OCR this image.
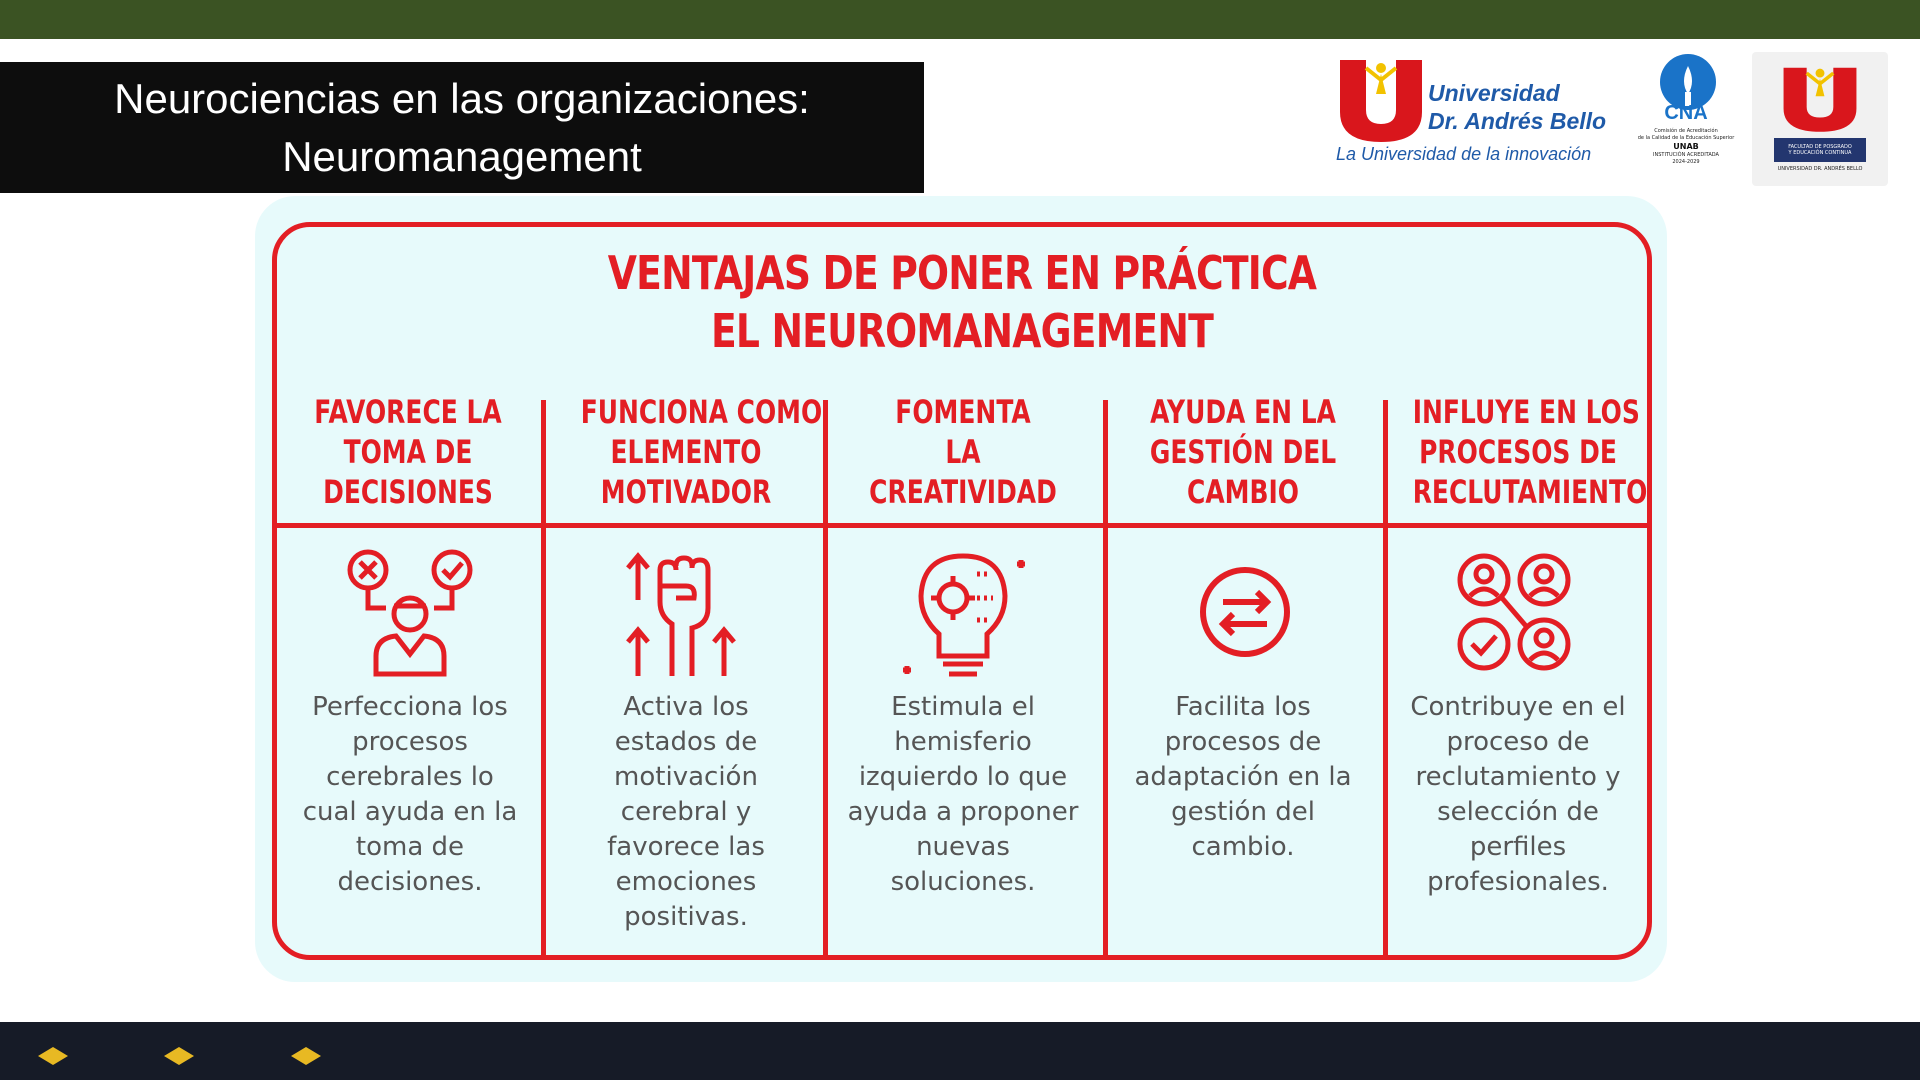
Neurociencias en las organizaciones:
Neuromanagement
Universidad
Dr. Andrés Bello
La Universidad de la innovación
CNA
Comisión de Acreditación
de la Calidad de la Educación Superior
UNAB
INSTITUCIÓN ACREDITADA
2024-2029
FACULTAD DE POSGRADO
Y EDUCACIÓN CONTINUA
UNIVERSIDAD DR. ANDRÉS BELLO
VENTAJAS DE PONER EN PRÁCTICA
EL NEUROMANAGEMENT
FAVORECE LA
TOMA DE
DECISIONES
Perfecciona los
procesos
cerebrales lo
cual ayuda en la
toma de
decisiones.
FUNCIONA COMO
ELEMENTO
MOTIVADOR
Activa los
estados de
motivación
cerebral y
favorece las
emociones
positivas.
FOMENTA
LA
CREATIVIDAD
Estimula el
hemisferio
izquierdo lo que
ayuda a proponer
nuevas
soluciones.
AYUDA EN LA
GESTIÓN DEL
CAMBIO
Facilita los
procesos de
adaptación en la
gestión del
cambio.
INFLUYE EN LOS
PROCESOS DE
RECLUTAMIENTO
Contribuye en el
proceso de
reclutamiento y
selección de
perfiles
profesionales.
